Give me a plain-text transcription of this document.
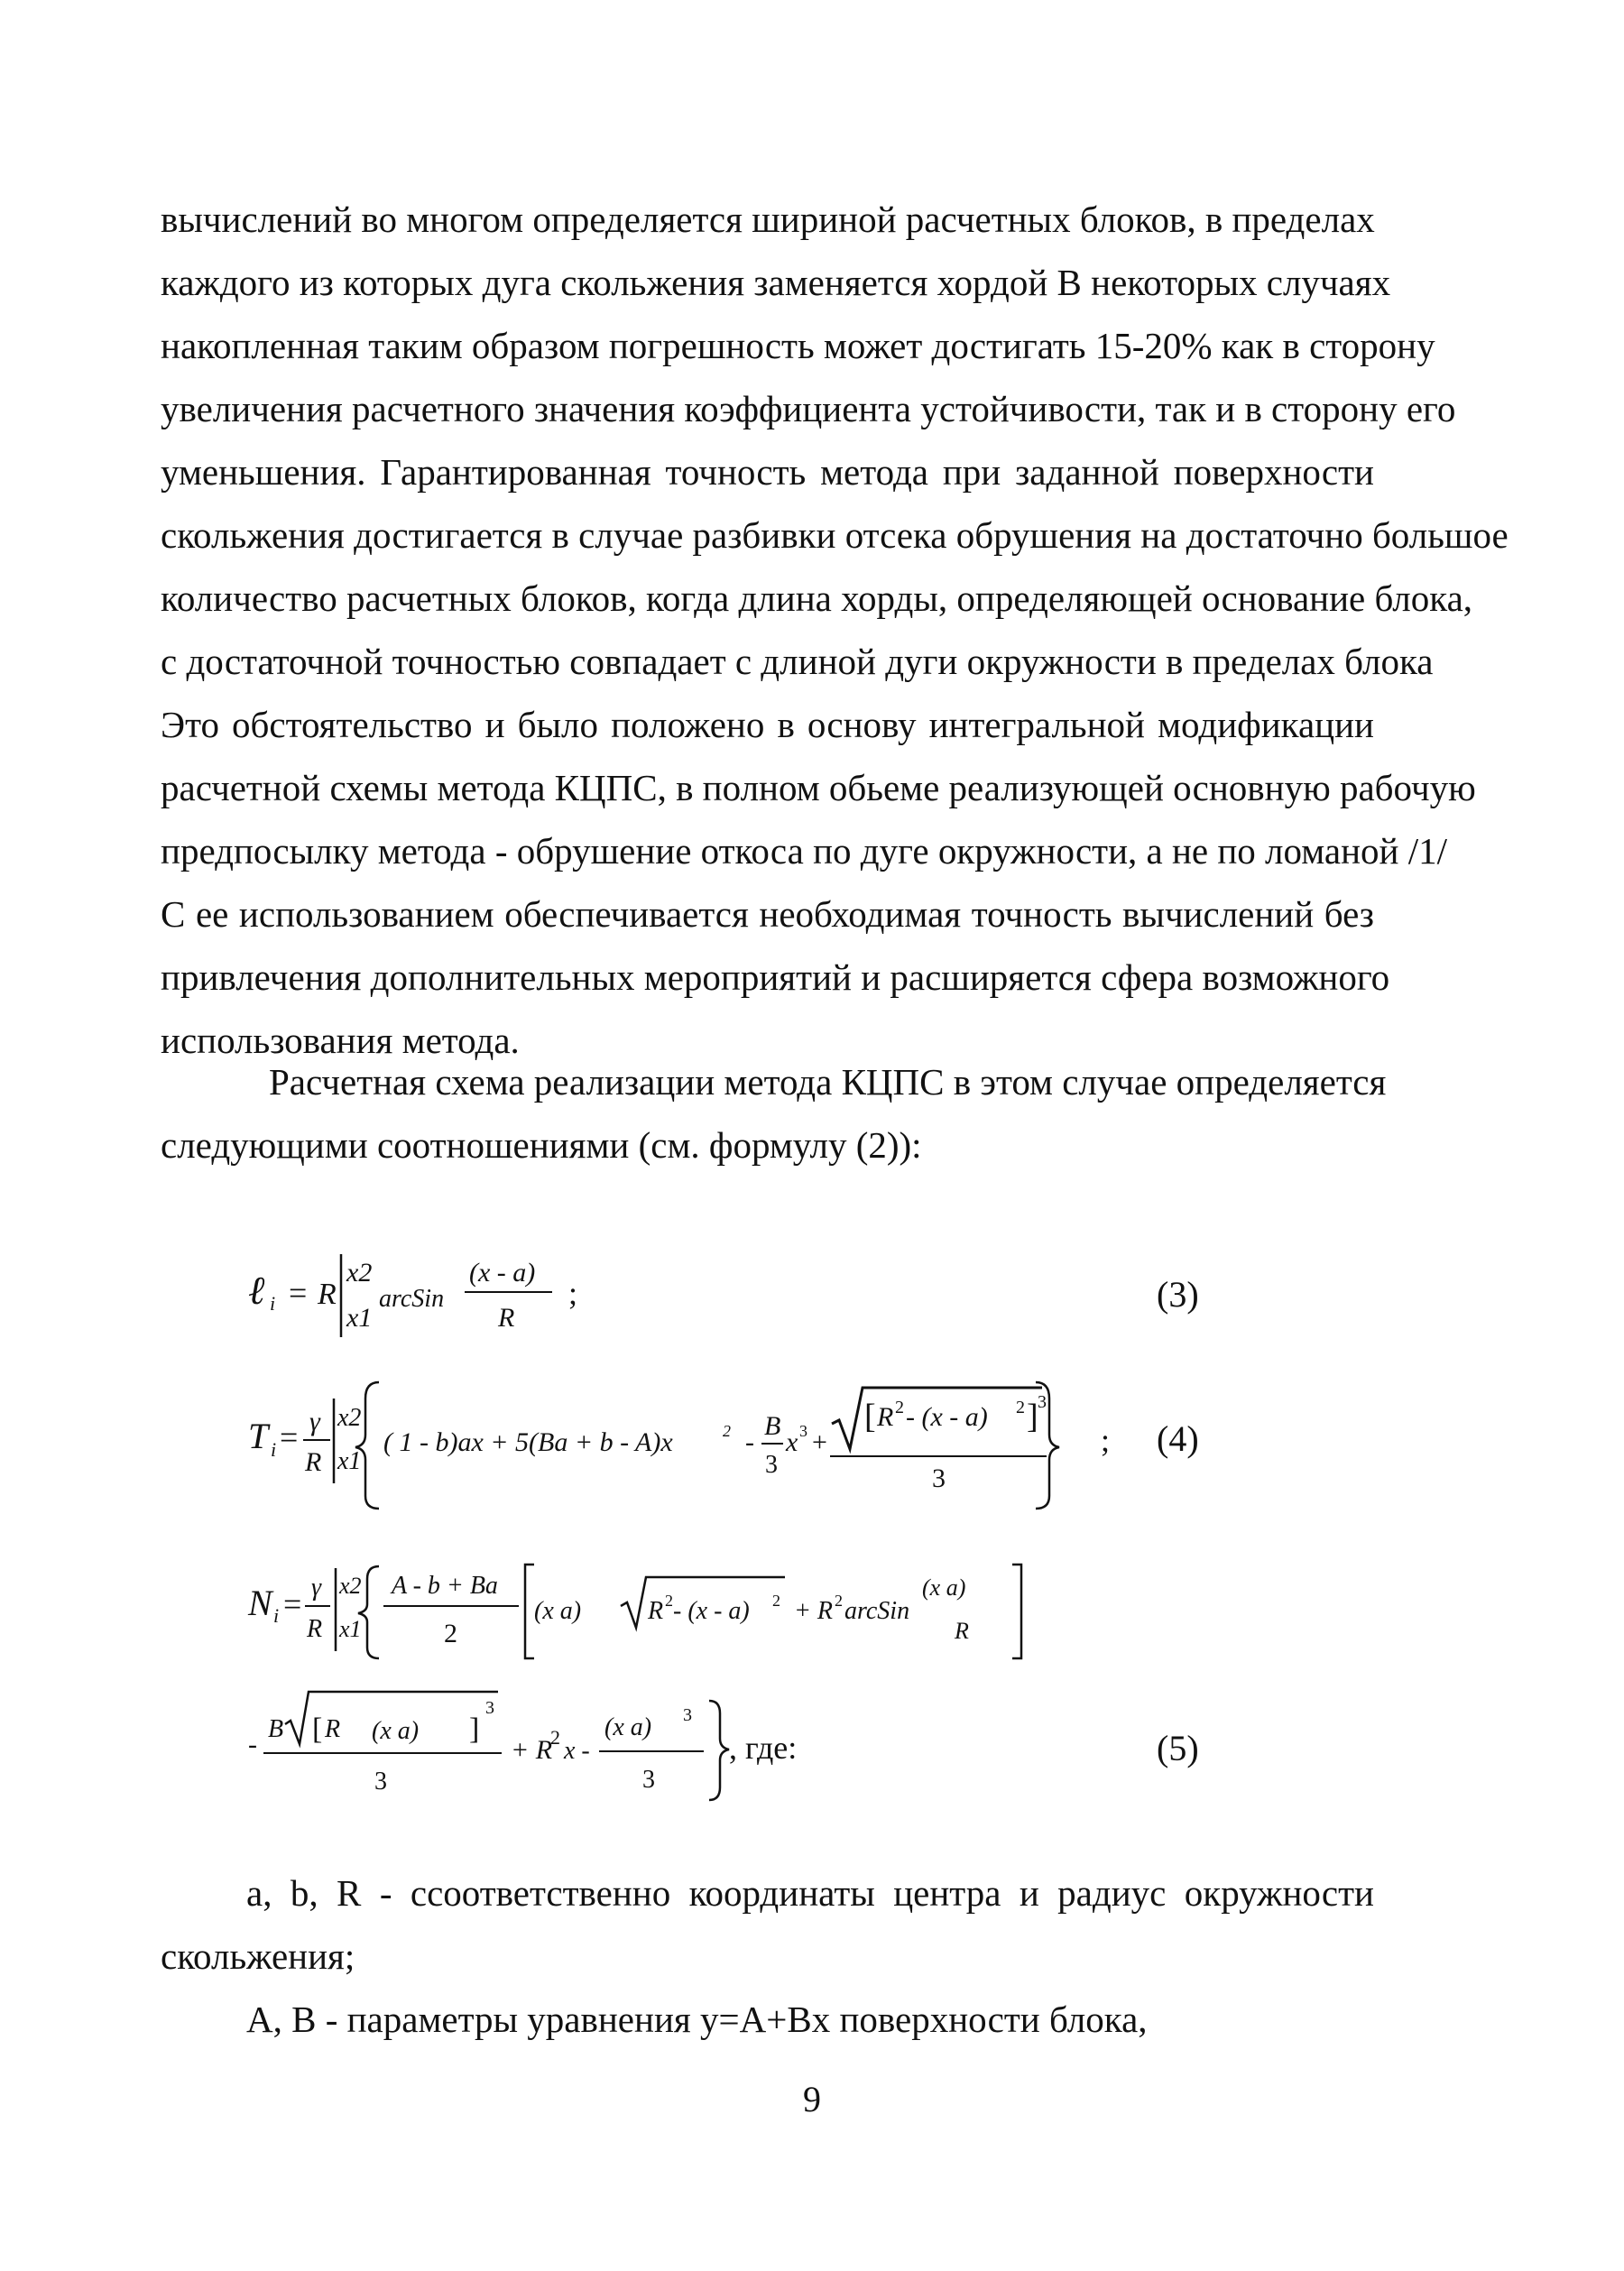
вычислений во многом определяется шириной расчетных блоков, в пределах
каждого из которых дуга скольжения заменяется хордой В некоторых случаях
накопленная таким образом погрешность может достигать 15-20% как в сторону
увеличения расчетного значения коэффициента устойчивости, так и в сторону его
уменьшения. Гарантированная точность метода при заданной поверхности
скольжения достигается в случае разбивки отсека обрушения на достаточно большое
количество расчетных блоков, когда длина хорды, определяющей основание блока,
с достаточной точностью совпадает с длиной дуги окружности в пределах блока
Это обстоятельство и было положено в основу интегральной модификации
расчетной схемы метода КЦПС, в полном обьеме реализующей основную рабочую
предпосылку метода - обрушение откоса по дуге окружности, а не по ломаной /1/
С ее использованием обеспечивается необходимая точность вычислений без
привлечения дополнительных мероприятий и расширяется сфера возможного
использования метода.
Расчетная схема реализации метода КЦПС в этом случае определяется
следующими соотношениями (см. формулу (2)):
ℓ i = R
x2
x1
arcSin
(x - a)
R
;	(3)
T i = γ
R
x2
x1
( 1 - b)ax + 5(Ba + b - A)x	2 -
B
3
x 3 +
[ R 2 - (x - a) 2 ] 3
3
; (4)
N i = γ
R
x2
x1
A - b + Ba
2
(x a)	R 2 - (x - a) 2 + R 2 arcSin
(x a)
R
-
B [ R (x a) ]
3
3
+ R
2 x -
(x a) 3
3
, где:	(5)
a, b, R - ссоответственно координаты центра и радиус окружности
скольжения;
A, B - параметры уравнения y=A+Bx поверхности блока,
9
